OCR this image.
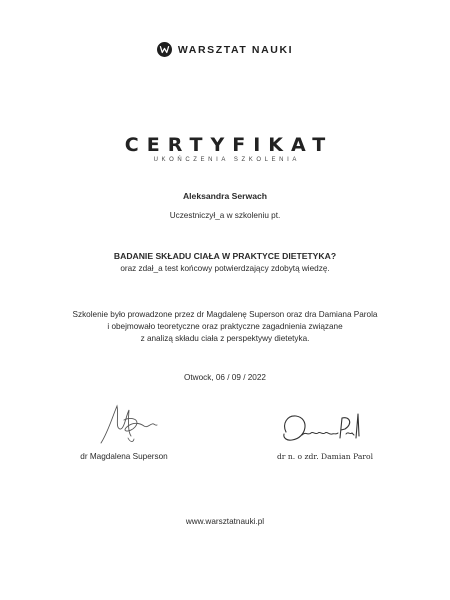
WARSZTAT NAUKI
CERTYFIKAT
UKOŃCZENIA SZKOLENIA
Aleksandra Serwach
Uczestniczył_a w szkoleniu pt.
BADANIE SKŁADU CIAŁA W PRAKTYCE DIETETYKA?
oraz zdał_a test końcowy potwierdzający zdobytą wiedzę.
Szkolenie było prowadzone przez dr Magdalenę Superson oraz dra Damiana Parola
i obejmowało teoretyczne oraz praktyczne zagadnienia związane
z analizą składu ciała z perspektywy dietetyka.
Otwock, 06 / 09 / 2022
dr Magdalena Superson	dr n. o zdr. Damian Parol
www.warsztatnauki.pl
